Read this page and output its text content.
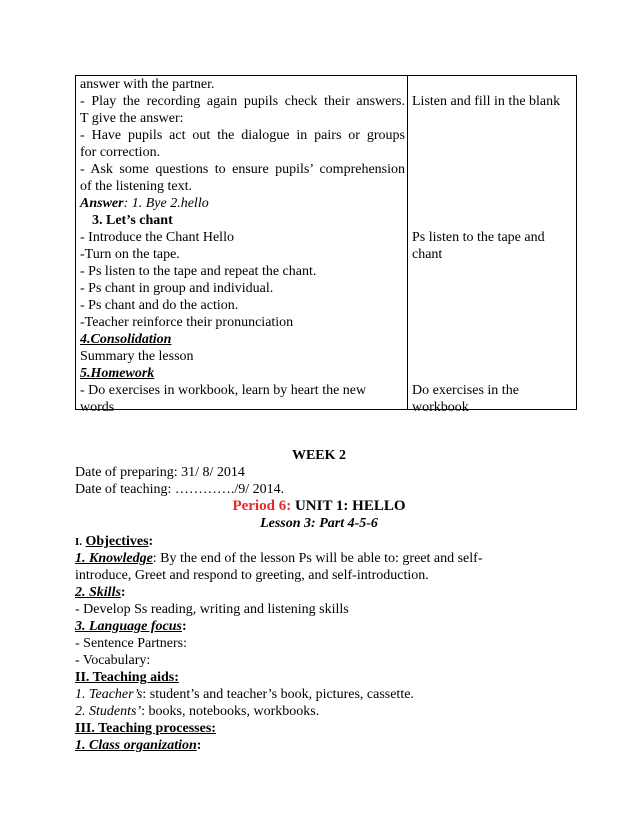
answer with the partner.
- Play the recording again pupils check their answers.
T give the answer:
- Have pupils act out the dialogue in pairs or groups
for correction.
- Ask some questions to ensure pupils’ comprehension
of the listening text.
Answer: 1. Bye 2.hello
3. Let’s chant
- Introduce the Chant Hello
-Turn on the tape.
- Ps listen to the tape and repeat the chant.
- Ps chant in group and individual.
- Ps chant and do the action.
-Teacher reinforce their pronunciation
4.Consolidation
Summary the lesson
5.Homework
- Do exercises in workbook, learn by heart the new
words
Listen and fill in the blank
Ps listen to the tape and
chant
Do exercises in the
workbook
WEEK 2
Date of preparing: 31/ 8/ 2014
Date of teaching: …………./9/ 2014.
Period 6: UNIT 1: HELLO
Lesson 3: Part 4-5-6
I. Objectives:
1. Knowledge: By the end of the lesson Ps will be able to: greet and self-
introduce, Greet and respond to greeting, and self-introduction.
2. Skills:
- Develop Ss reading, writing and listening skills
3. Language focus:
- Sentence Partners:
- Vocabulary:
II. Teaching aids:
1. Teacher’s: student’s and teacher’s book, pictures, cassette.
2. Students’: books, notebooks, workbooks.
III. Teaching processes:
1. Class organization:
